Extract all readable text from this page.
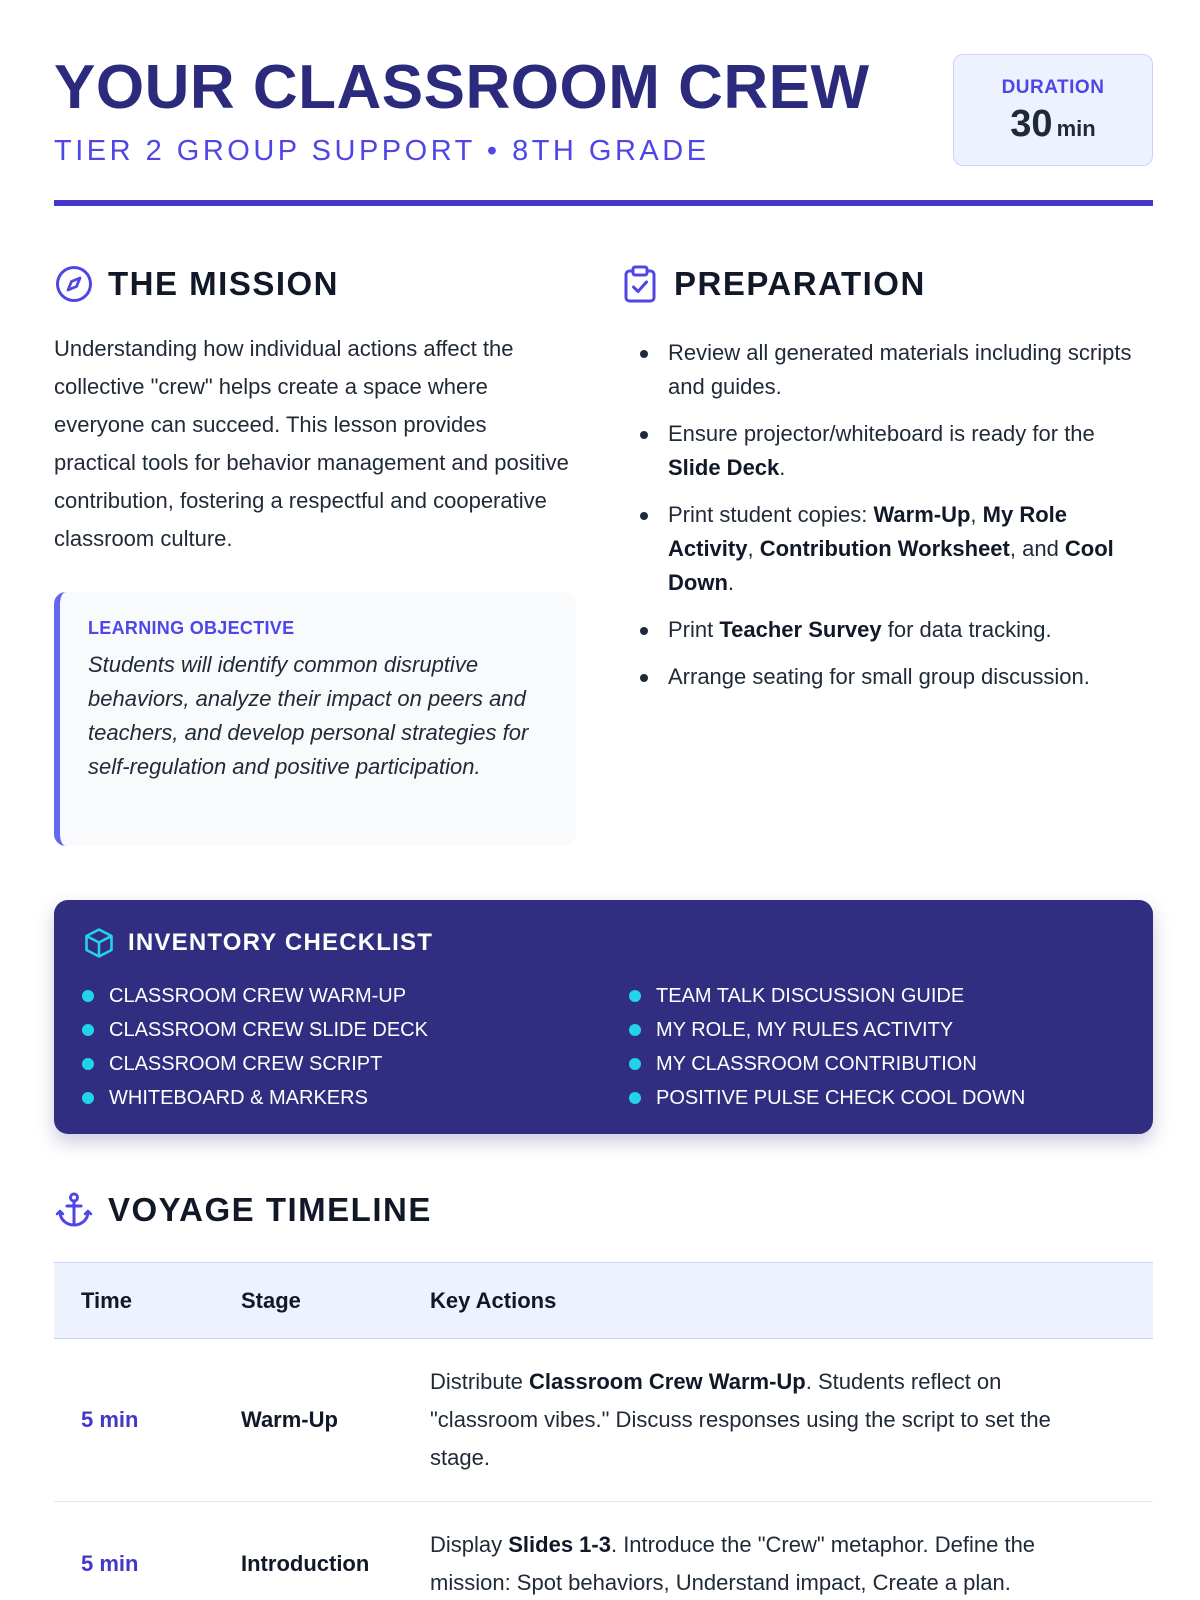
YOUR CLASSROOM CREW
TIER 2 GROUP SUPPORT • 8TH GRADE
DURATION
30 min
THE MISSION

Understanding how individual actions affect the collective "crew" helps create a space where everyone can succeed. This lesson provides practical tools for behavior management and positive contribution, fostering a respectful and cooperative classroom culture.

LEARNING OBJECTIVE
Students will identify common disruptive behaviors, analyze their impact on peers and teachers, and develop personal strategies for self-regulation and positive participation.
PREPARATION
Review all generated materials including scripts and guides.
Ensure projector/whiteboard is ready for the Slide Deck.
Print student copies: Warm-Up, My Role Activity, Contribution Worksheet, and Cool Down.
Print Teacher Survey for data tracking.
Arrange seating for small group discussion.
INVENTORY CHECKLIST
CLASSROOM CREW WARM-UP
CLASSROOM CREW SLIDE DECK
CLASSROOM CREW SCRIPT
WHITEBOARD & MARKERS
TEAM TALK DISCUSSION GUIDE
MY ROLE, MY RULES ACTIVITY
MY CLASSROOM CONTRIBUTION
POSITIVE PULSE CHECK COOL DOWN
VOYAGE TIMELINE
Time	Stage	Key Actions
5 min	Warm-Up	Distribute Classroom Crew Warm-Up. Students reflect on "classroom vibes." Discuss responses using the script to set the stage.
5 min	Introduction	Display Slides 1-3. Introduce the "Crew" metaphor. Define the mission: Spot behaviors, Understand impact, Create a plan.
